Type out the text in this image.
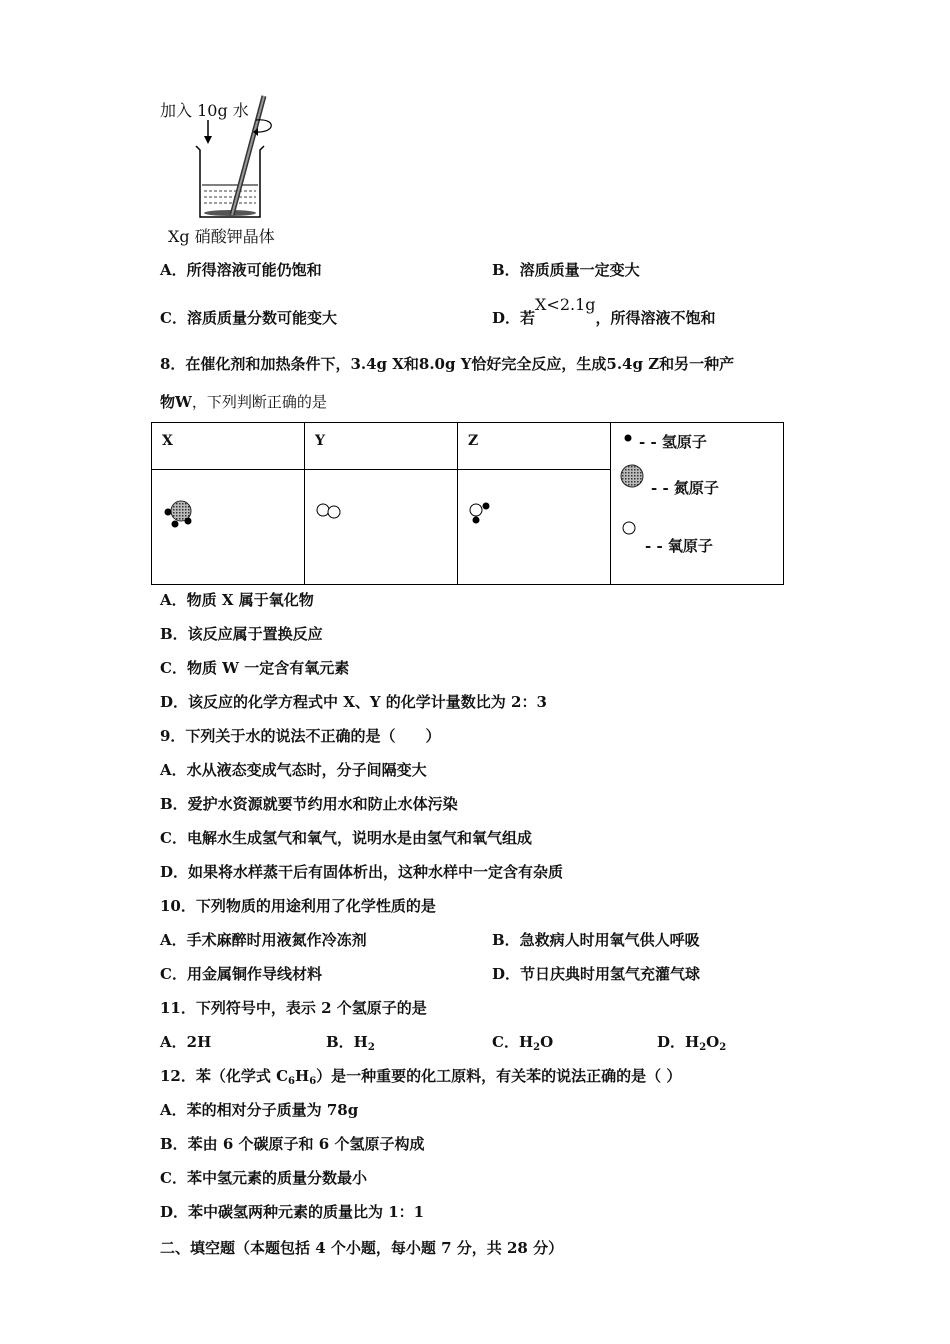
加入 10g 水
Xg 硝酸钾晶体
A．所得溶液可能仍饱和	B．溶质质量一定变大
C．溶质质量分数可能变大	D．若X<2.1g，所得溶液不饱和
8．在催化剂和加热条件下，3.4g X和8.0g Y恰好完全反应，生成5.4g Z和另一种产
物W，下列判断正确的是
X	Y	Z	- - 氢原子
- - 氮原子
- - 氧原子

A．物质 X 属于氧化物
B．该反应属于置换反应
C．物质 W 一定含有氧元素
D．该反应的化学方程式中 X、Y 的化学计量数比为 2：3
9．下列关于水的说法不正确的是（　　）
A．水从液态变成气态时，分子间隔变大
B．爱护水资源就要节约用水和防止水体污染
C．电解水生成氢气和氧气，说明水是由氢气和氧气组成
D．如果将水样蒸干后有固体析出，这种水样中一定含有杂质
10．下列物质的用途利用了化学性质的是
A．手术麻醉时用液氮作冷冻剂	B．急救病人时用氧气供人呼吸
C．用金属铜作导线材料	D．节日庆典时用氢气充灌气球
11．下列符号中，表示 2 个氢原子的是
A．2H	B．$H_2$	C．$H_2O$	D．$H_2O_2$
12．苯（化学式 $C_6H_6$）是一种重要的化工原料，有关苯的说法正确的是（ ）
A．苯的相对分子质量为 78g
B．苯由 6 个碳原子和 6 个氢原子构成
C．苯中氢元素的质量分数最小
D．苯中碳氢两种元素的质量比为 1：1
二、填空题（本题包括 4 个小题，每小题 7 分，共 28 分）
